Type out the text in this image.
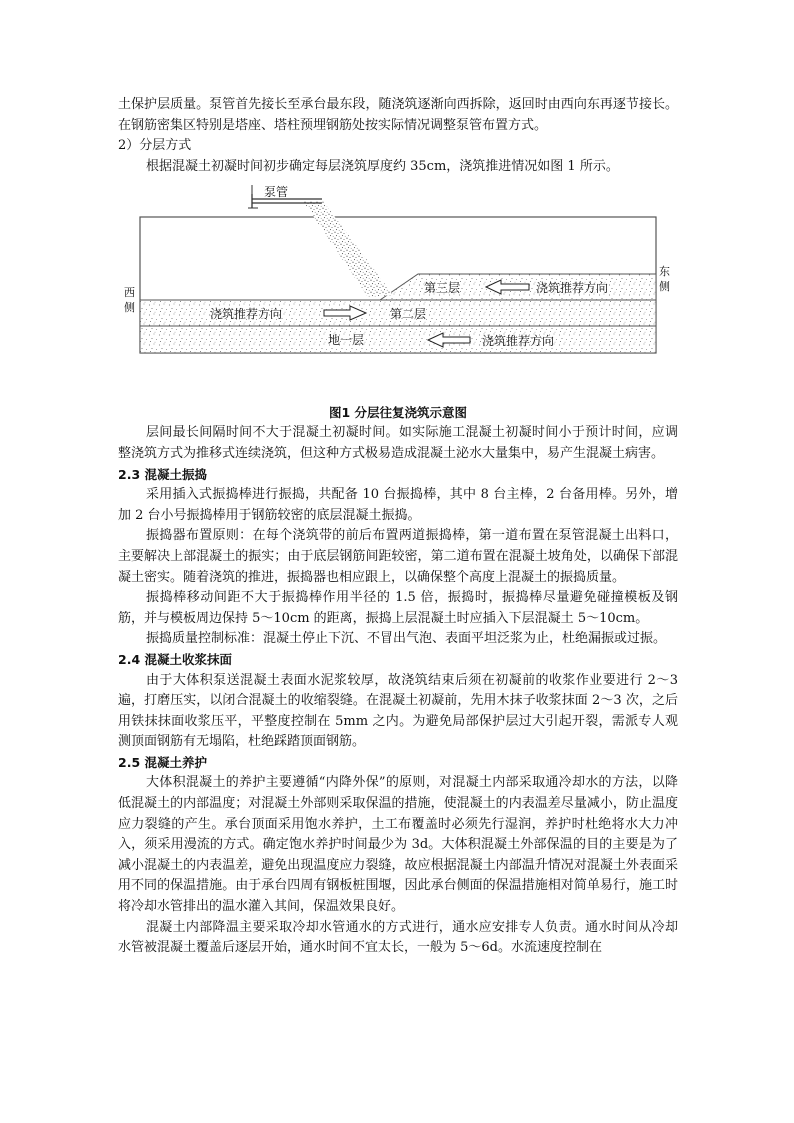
土保护层质量。泵管首先接长至承台最东段，随浇筑逐渐向西拆除，返回时由西向东再逐节接长。在钢筋密集区特别是塔座、塔柱预埋钢筋处按实际情况调整泵管布置方式。

2）分层方式

根据混凝土初凝时间初步确定每层浇筑厚度约 35cm，浇筑推进情况如图 1 所示。

泵管
西
侧
东
侧
第三层
第二层
地一层
浇筑推荐方向
浇筑推荐方向
浇筑推荐方向

图1 分层往复浇筑示意图

层间最长间隔时间不大于混凝土初凝时间。如实际施工混凝土初凝时间小于预计时间，应调整浇筑方式为推移式连续浇筑，但这种方式极易造成混凝土泌水大量集中，易产生混凝土病害。

2.3 混凝土振捣

采用插入式振捣棒进行振捣，共配备 10 台振捣棒，其中 8 台主棒，2 台备用棒。另外，增加 2 台小号振捣棒用于钢筋较密的底层混凝土振捣。

振捣器布置原则：在每个浇筑带的前后布置两道振捣棒，第一道布置在泵管混凝土出料口，主要解决上部混凝土的振实；由于底层钢筋间距较密，第二道布置在混凝土坡角处，以确保下部混凝土密实。随着浇筑的推进，振捣器也相应跟上，以确保整个高度上混凝土的振捣质量。

振捣棒移动间距不大于振捣棒作用半径的 1.5 倍，振捣时，振捣棒尽量避免碰撞模板及钢筋，并与模板周边保持 5～10cm 的距离，振捣上层混凝土时应插入下层混凝土 5～10cm。

振捣质量控制标准：混凝土停止下沉、不冒出气泡、表面平坦泛浆为止，杜绝漏振或过振。

2.4 混凝土收浆抹面

由于大体积泵送混凝土表面水泥浆较厚，故浇筑结束后须在初凝前的收浆作业要进行 2～3 遍，打磨压实，以闭合混凝土的收缩裂缝。在混凝土初凝前，先用木抹子收浆抹面 2～3 次，之后用铁抹抹面收浆压平，平整度控制在 5mm 之内。为避免局部保护层过大引起开裂，需派专人观测顶面钢筋有无塌陷，杜绝踩踏顶面钢筋。

2.5 混凝土养护

大体积混凝土的养护主要遵循“内降外保”的原则，对混凝土内部采取通冷却水的方法，以降低混凝土的内部温度；对混凝土外部则采取保温的措施，使混凝土的内表温差尽量减小，防止温度应力裂缝的产生。承台顶面采用饱水养护，土工布覆盖时必须先行湿润，养护时杜绝将水大力冲入，须采用漫流的方式。确定饱水养护时间最少为 3d。大体积混凝土外部保温的目的主要是为了减小混凝土的内表温差，避免出现温度应力裂缝，故应根据混凝土内部温升情况对混凝土外表面采用不同的保温措施。由于承台四周有钢板桩围堰，因此承台侧面的保温措施相对简单易行，施工时将冷却水管排出的温水灌入其间，保温效果良好。

混凝土内部降温主要采取冷却水管通水的方式进行，通水应安排专人负责。通水时间从冷却水管被混凝土覆盖后逐层开始，通水时间不宜太长，一般为 5～6d。水流速度控制在
